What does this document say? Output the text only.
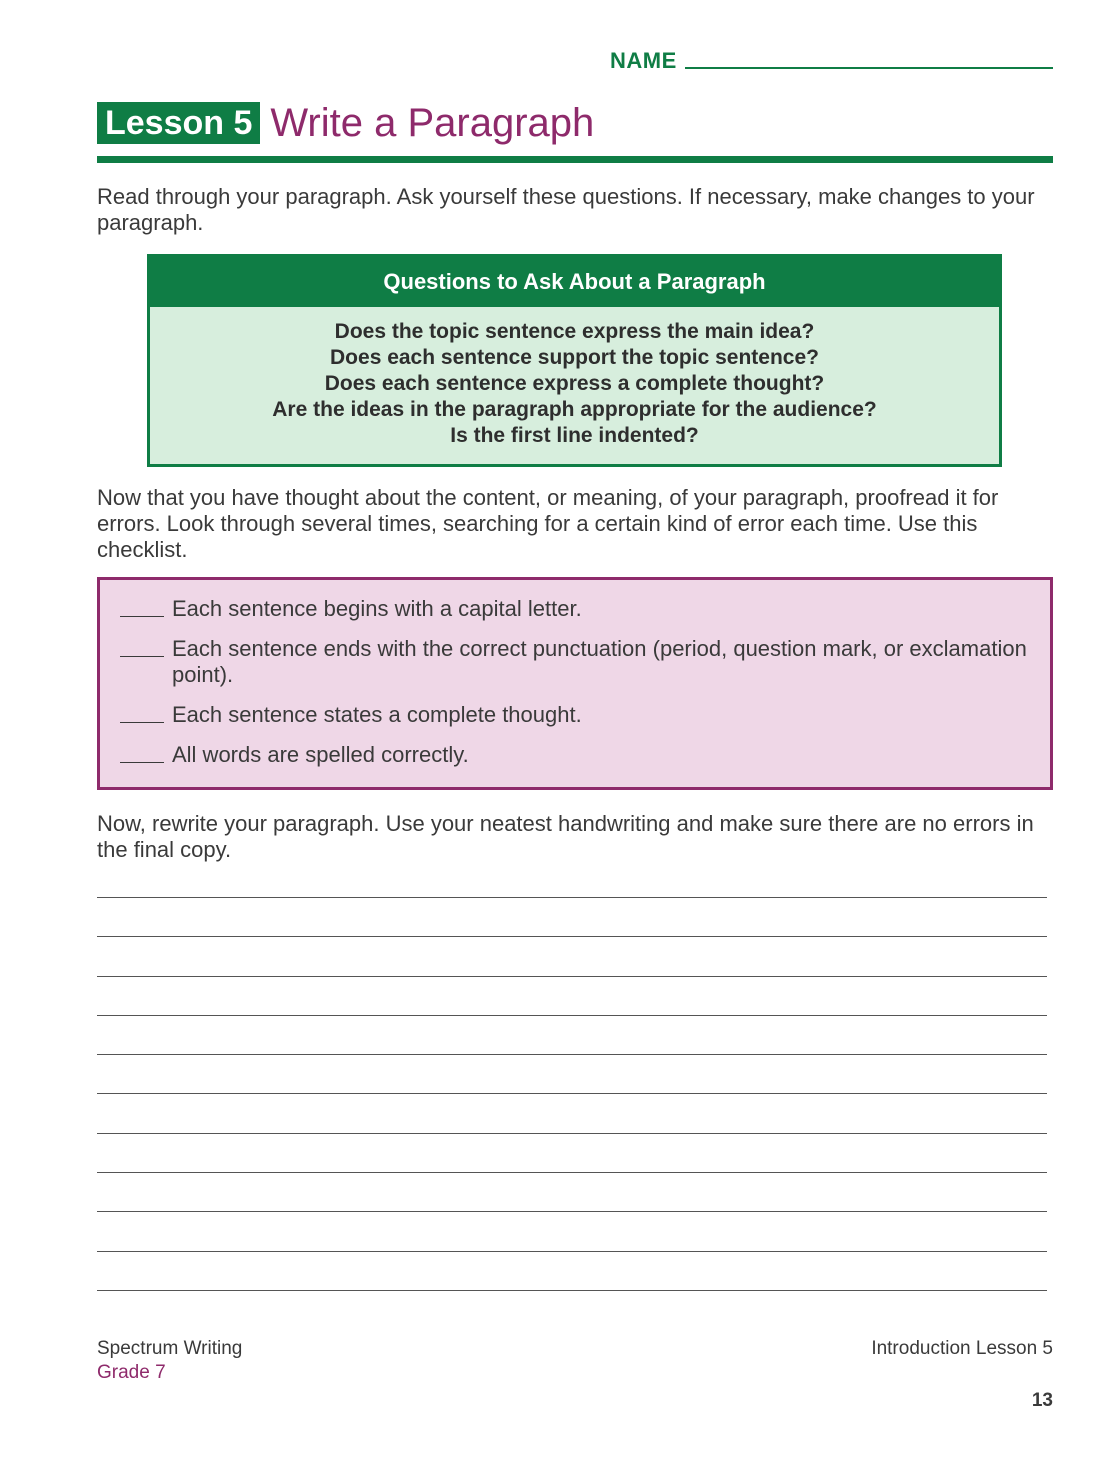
NAME
Lesson 5 Write a Paragraph
Read through your paragraph. Ask yourself these questions. If necessary, make changes to your paragraph.
Questions to Ask About a Paragraph
Does the topic sentence express the main idea?
Does each sentence support the topic sentence?
Does each sentence express a complete thought?
Are the ideas in the paragraph appropriate for the audience?
Is the first line indented?
Now that you have thought about the content, or meaning, of your paragraph, proofread it for errors. Look through several times, searching for a certain kind of error each time. Use this checklist.
Each sentence begins with a capital letter.
Each sentence ends with the correct punctuation (period, question mark, or exclamation point).
Each sentence states a complete thought.
All words are spelled correctly.
Now, rewrite your paragraph. Use your neatest handwriting and make sure there are no errors in the final copy.
Spectrum Writing
Grade 7
Introduction Lesson 5
13
